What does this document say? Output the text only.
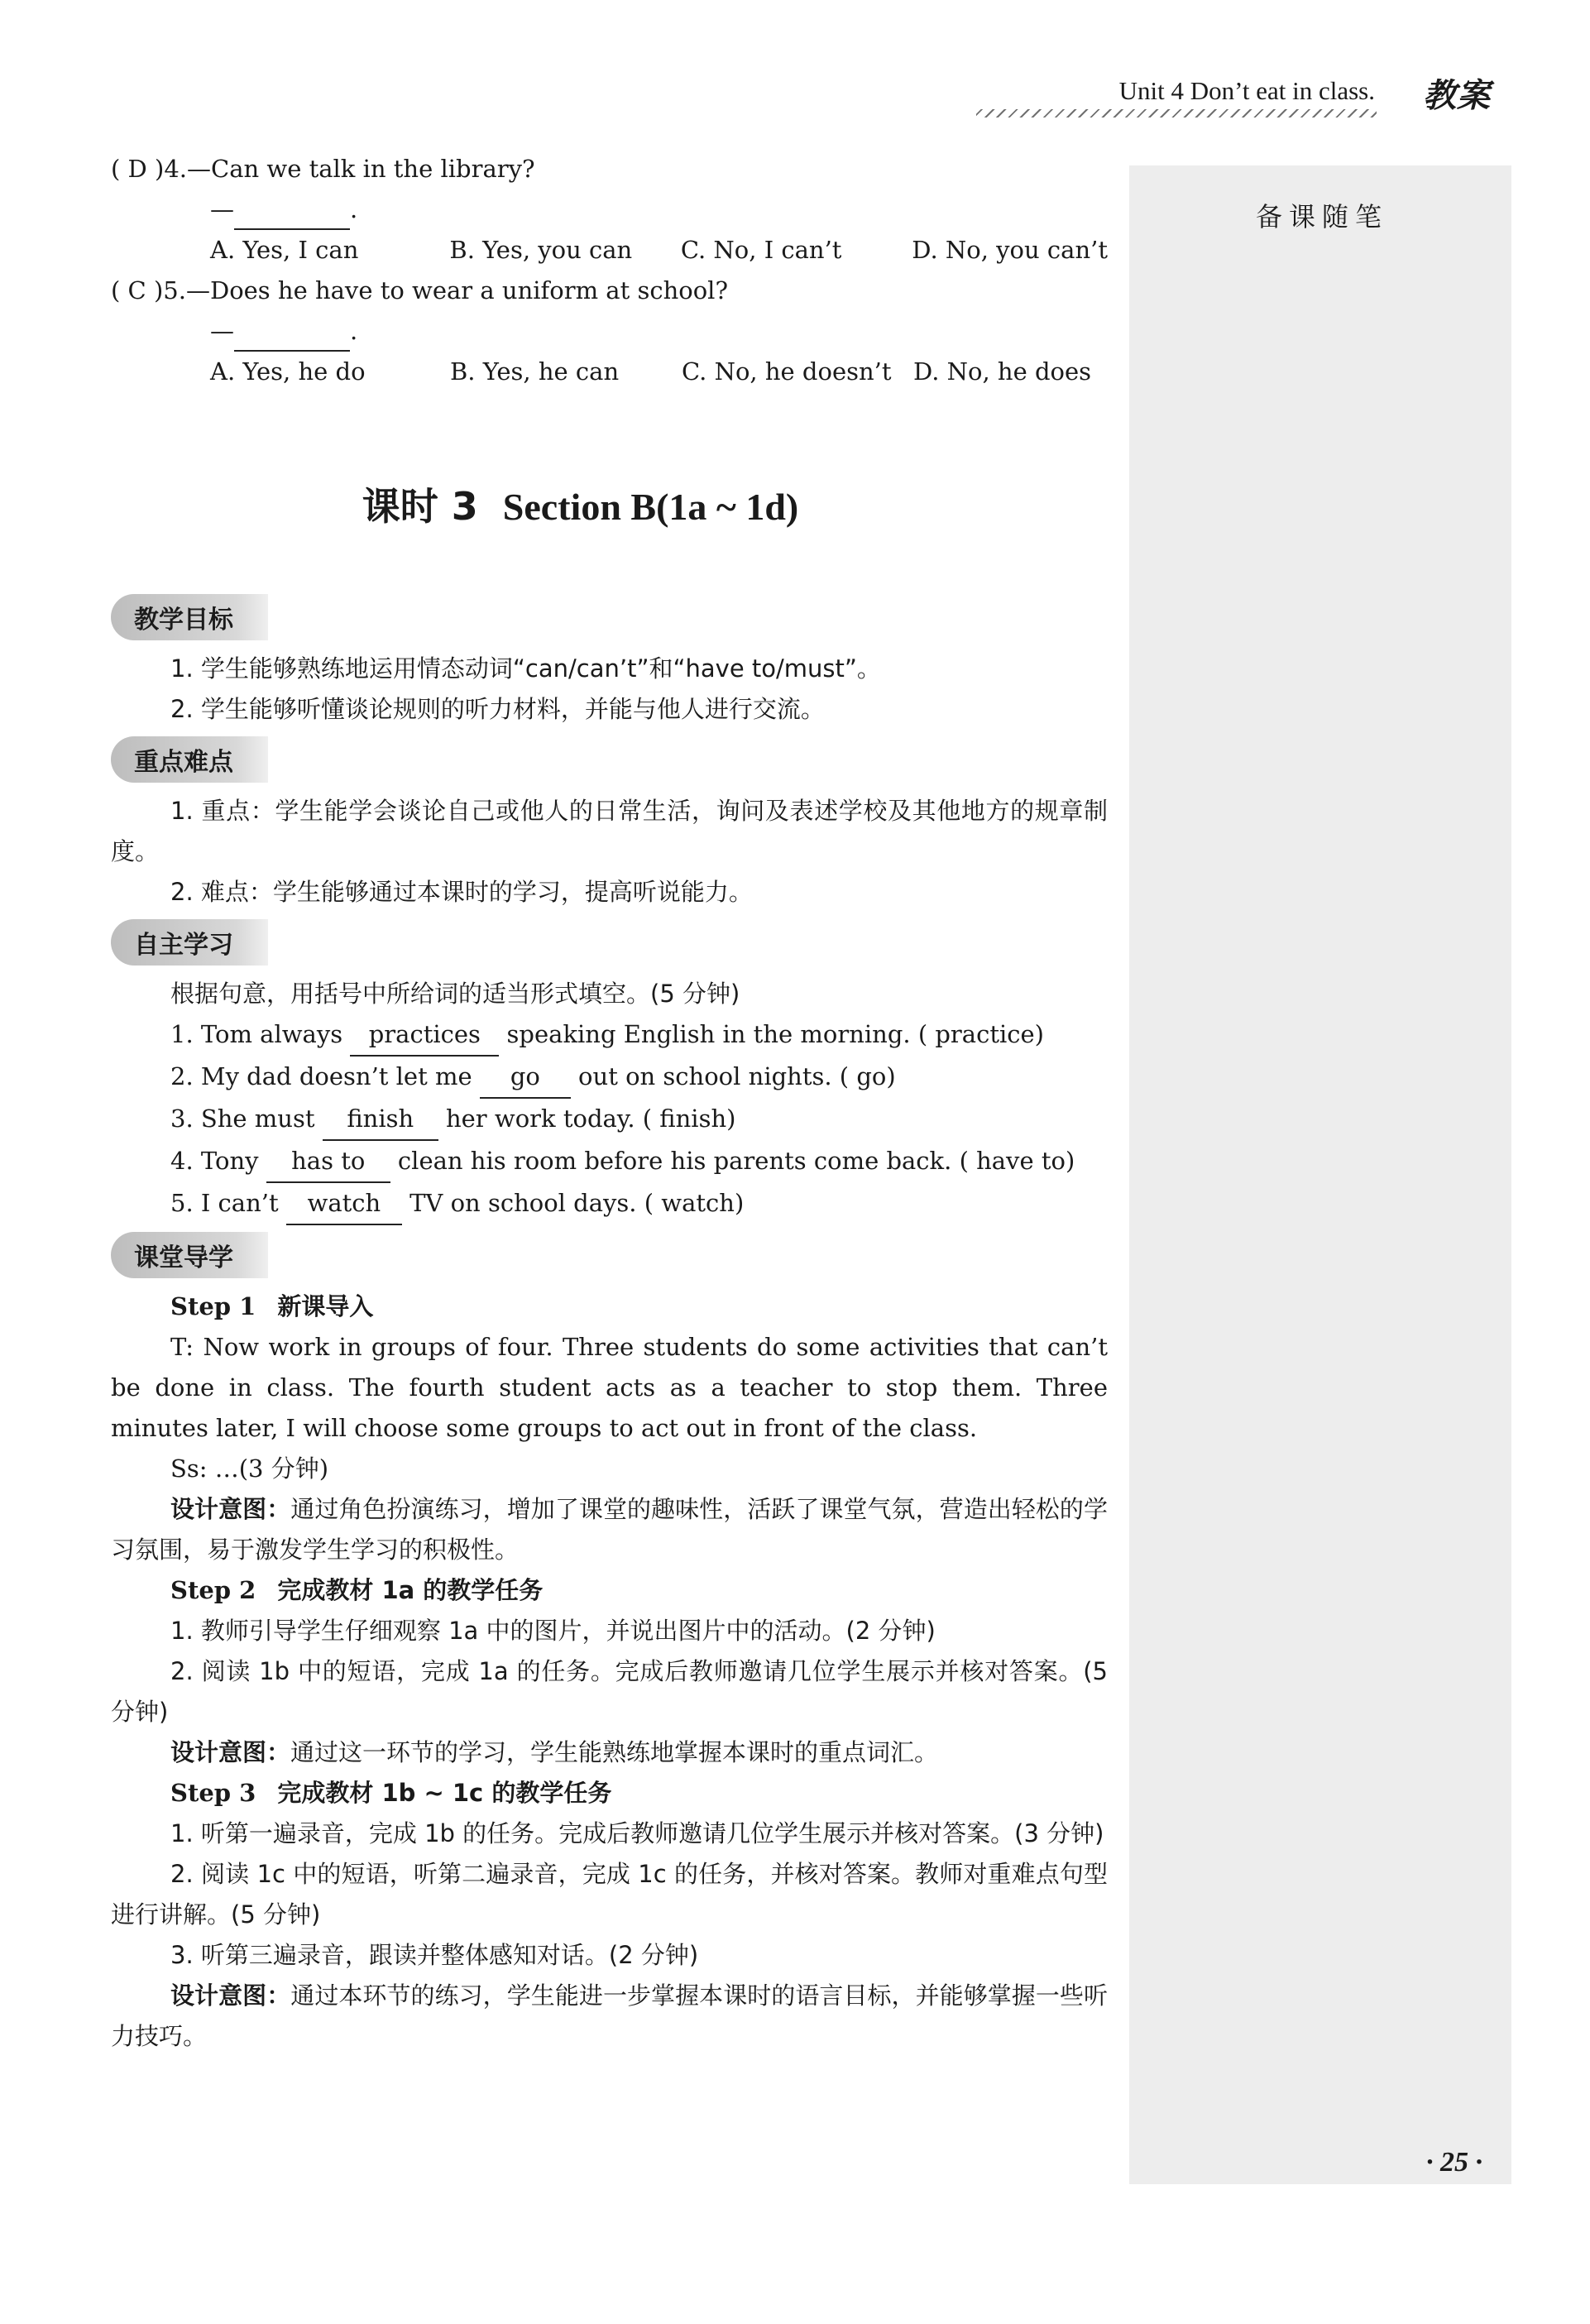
Unit 4 Don’t eat in class. 教案
备课随笔
( D )4.—Can we talk in the library?
—	.
A. Yes, I can	B. Yes, you can	C. No, I can’t	D. No, you can’t
( C )5.—Does he have to wear a uniform at school?
—	.
A. Yes, he do	B. Yes, he can	C. No, he doesn’t D. No, he does
课时 3 Section B(1a ~ 1d)
教学目标

1. 学生能够熟练地运用情态动词“can/can’t”和“have to/must”。

2. 学生能够听懂谈论规则的听力材料，并能与他人进行交流。

重点难点

1. 重点：学生能学会谈论自己或他人的日常生活，询问及表述学校及其他地方的规章制度。

2. 难点：学生能够通过本课时的学习，提高听说能力。

自主学习

根据句意，用括号中所给词的适当形式填空。(5 分钟)

1. Tom always practices speaking English in the morning. ( practice)

2. My dad doesn’t let me go out on school nights. ( go)

3. She must finish her work today. ( finish)

4. Tony has to clean his room before his parents come back. ( have to)

5. I can’t watch TV on school days. ( watch)

课堂导学

Step 1 新课导入

T: Now work in groups of four. Three students do some activities that can’t be done in class. The fourth student acts as a teacher to stop them. Three minutes later, I will choose some groups to act out in front of the class.

Ss: …(3 分钟)

设计意图：通过角色扮演练习，增加了课堂的趣味性，活跃了课堂气氛，营造出轻松的学习氛围，易于激发学生学习的积极性。

Step 2 完成教材 1a 的教学任务

1. 教师引导学生仔细观察 1a 中的图片，并说出图片中的活动。(2 分钟)

2. 阅读 1b 中的短语，完成 1a 的任务。完成后教师邀请几位学生展示并核对答案。(5 分钟)

设计意图：通过这一环节的学习，学生能熟练地掌握本课时的重点词汇。

Step 3 完成教材 1b ~ 1c 的教学任务

1. 听第一遍录音，完成 1b 的任务。完成后教师邀请几位学生展示并核对答案。(3 分钟)

2. 阅读 1c 中的短语，听第二遍录音，完成 1c 的任务，并核对答案。教师对重难点句型进行讲解。(5 分钟)

3. 听第三遍录音，跟读并整体感知对话。(2 分钟)

设计意图：通过本环节的练习，学生能进一步掌握本课时的语言目标，并能够掌握一些听力技巧。

· 25 ·
